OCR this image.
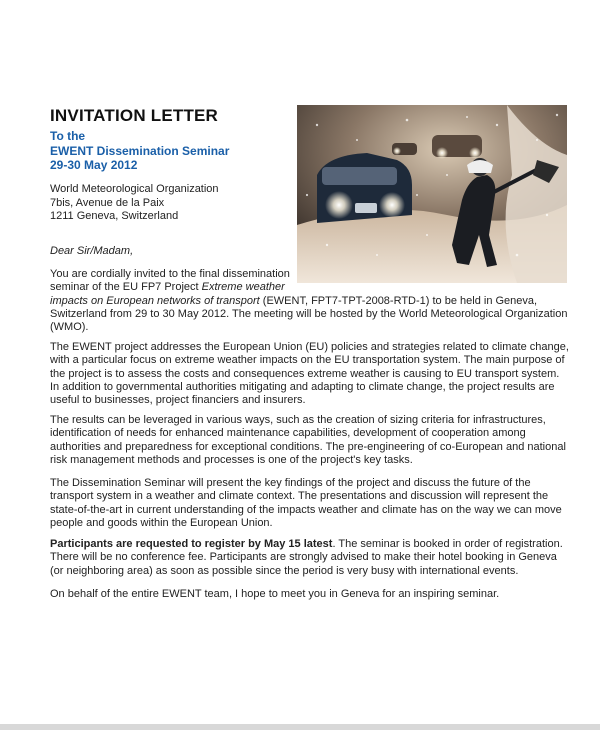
INVITATION LETTER
To the
EWENT Dissemination Seminar
29-30 May 2012
World Meteorological Organization
7bis, Avenue de la Paix
1211 Geneva, Switzerland
Dear Sir/Madam,
You are cordially invited to the final dissemination
seminar of the EU FP7 Project Extreme weather
impacts on European networks of transport (EWENT, FPT7-TPT-2008-RTD-1) to be held in Geneva, Switzerland from 29 to 30 May 2012. The meeting will be hosted by the World Meteorological Organization (WMO).
The EWENT project addresses the European Union (EU) policies and strategies related to climate change, with a particular focus on extreme weather impacts on the EU transportation system. The main purpose of the project is to assess the costs and consequences extreme weather is causing to EU transport system. In addition to governmental authorities mitigating and adapting to climate change, the project results are useful to businesses, project financiers and insurers.
The results can be leveraged in various ways, such as the creation of sizing criteria for infrastructures, identification of needs for enhanced maintenance capabilities, development of cooperation among authorities and preparedness for exceptional conditions. The pre-engineering of co-European and national risk management methods and processes is one of the project's key tasks.
The Dissemination Seminar will present the key findings of the project and discuss the future of the transport system in a weather and climate context. The presentations and discussion will represent the state-of-the-art in current understanding of the impacts weather and climate has on the way we can move people and goods within the European Union.
Participants are requested to register by May 15 latest. The seminar is booked in order of registration. There will be no conference fee. Participants are strongly advised to make their hotel booking in Geneva (or neighboring area) as soon as possible since the period is very busy with international events.
On behalf of the entire EWENT team, I hope to meet you in Geneva for an inspiring seminar.
